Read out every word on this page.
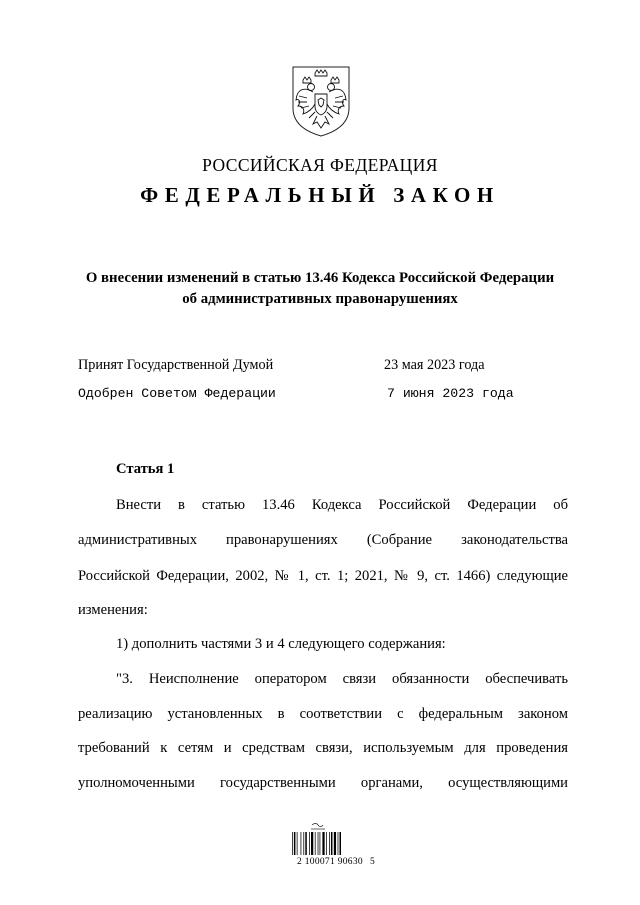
РОССИЙСКАЯ ФЕДЕРАЦИЯ
ФЕДЕРАЛЬНЫЙ ЗАКОН
О внесении изменений в статью 13.46 Кодекса Российской Федерации
об административных правонарушениях
Принят Государственной Думой	23 мая 2023 года
Одобрен Советом Федерации	7 июня 2023 года
Статья 1
Внести в статью 13.46 Кодекса Российской Федерации об
административных правонарушениях (Собрание законодательства
Российской Федерации, 2002, № 1, ст. 1; 2021, № 9, ст. 1466) следующие
изменения:
1) дополнить частями 3 и 4 следующего содержания:
"3. Неисполнение оператором связи обязанности обеспечивать
реализацию установленных в соответствии с федеральным законом
требований к сетям и средствам связи, используемым для проведения
уполномоченными государственными органами, осуществляющими
2 100071 90630 5
